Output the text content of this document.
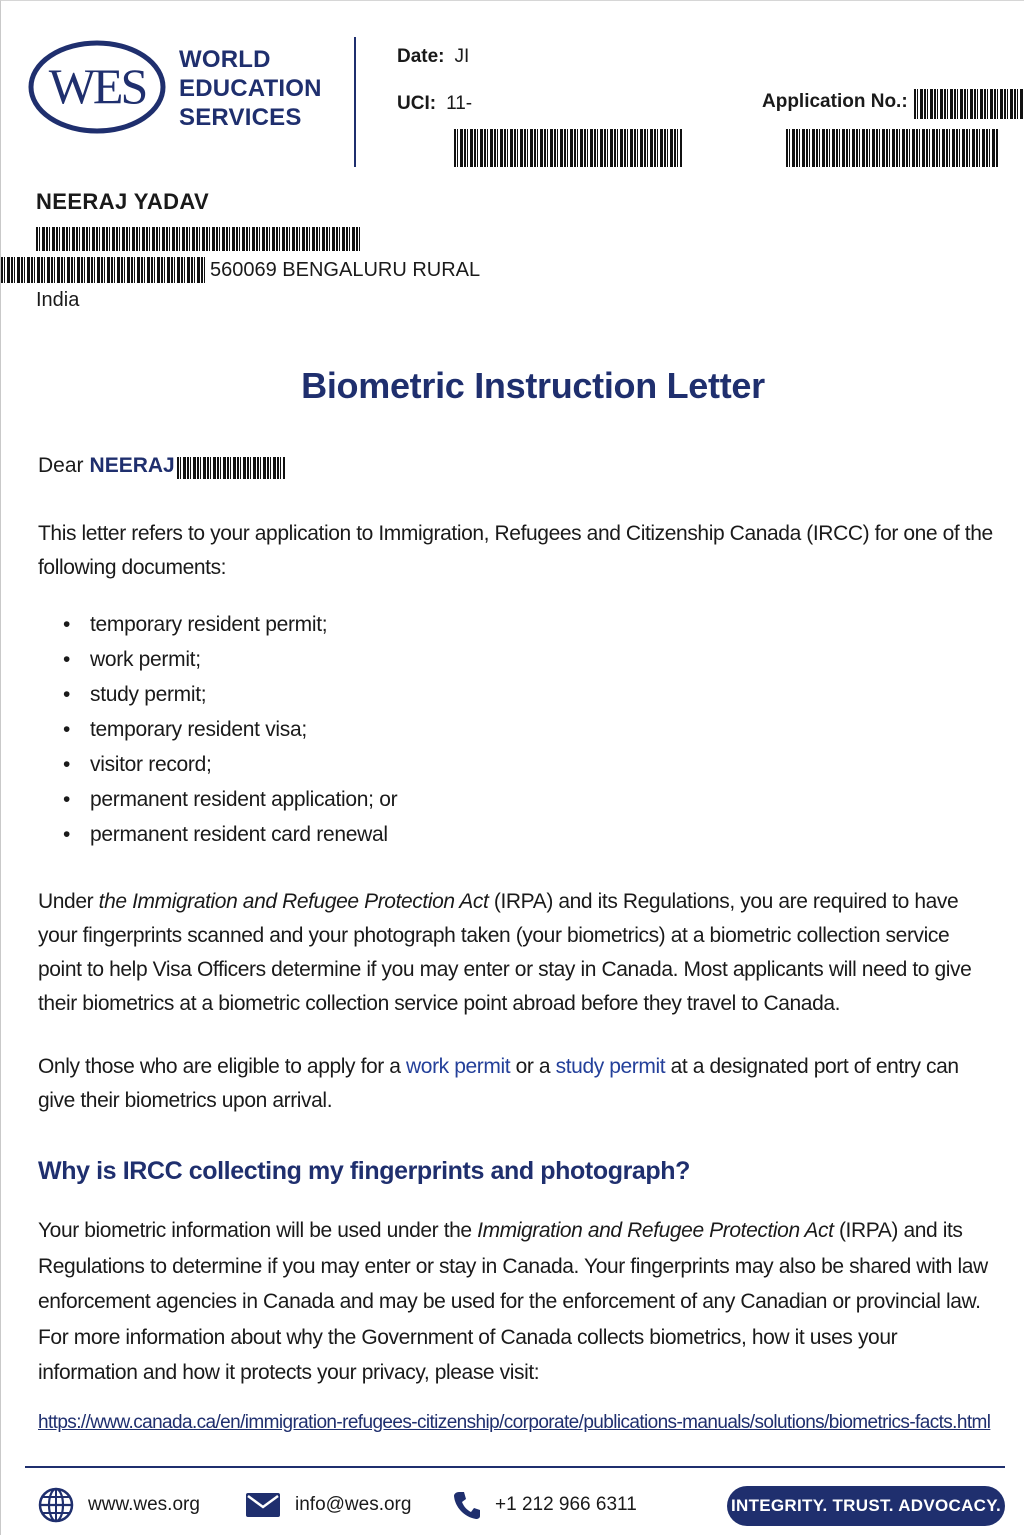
WES WORLD
EDUCATION
SERVICES
Date: JI
UCI: 11-	Application No.:
NEERAJ YADAV
560069 BENGALURU RURAL
India
Biometric Instruction Letter
Dear NEERAJ
This letter refers to your application to Immigration, Refugees and Citizenship Canada (IRCC) for one of the
following documents:
• temporary resident permit;
• work permit;
• study permit;
• temporary resident visa;
• visitor record;
• permanent resident application; or
• permanent resident card renewal
Under the Immigration and Refugee Protection Act (IRPA) and its Regulations, you are required to have your fingerprints scanned and your photograph taken (your biometrics) at a biometric collection service point to help Visa Officers determine if you may enter or stay in Canada. Most applicants will need to give their biometrics at a biometric collection service point abroad before they travel to Canada.
Only those who are eligible to apply for a work permit or a study permit at a designated port of entry can give their biometrics upon arrival.
Why is IRCC collecting my fingerprints and photograph?
Your biometric information will be used under the Immigration and Refugee Protection Act (IRPA) and its Regulations to determine if you may enter or stay in Canada. Your fingerprints may also be shared with law enforcement agencies in Canada and may be used for the enforcement of any Canadian or provincial law. For more information about why the Government of Canada collects biometrics, how it uses your information and how it protects your privacy, please visit:
https://www.canada.ca/en/immigration-refugees-citizenship/corporate/publications-manuals/solutions/biometrics-facts.html
www.wes.org	info@wes.org	+1 212 966 6311	INTEGRITY. TRUST. ADVOCACY.
